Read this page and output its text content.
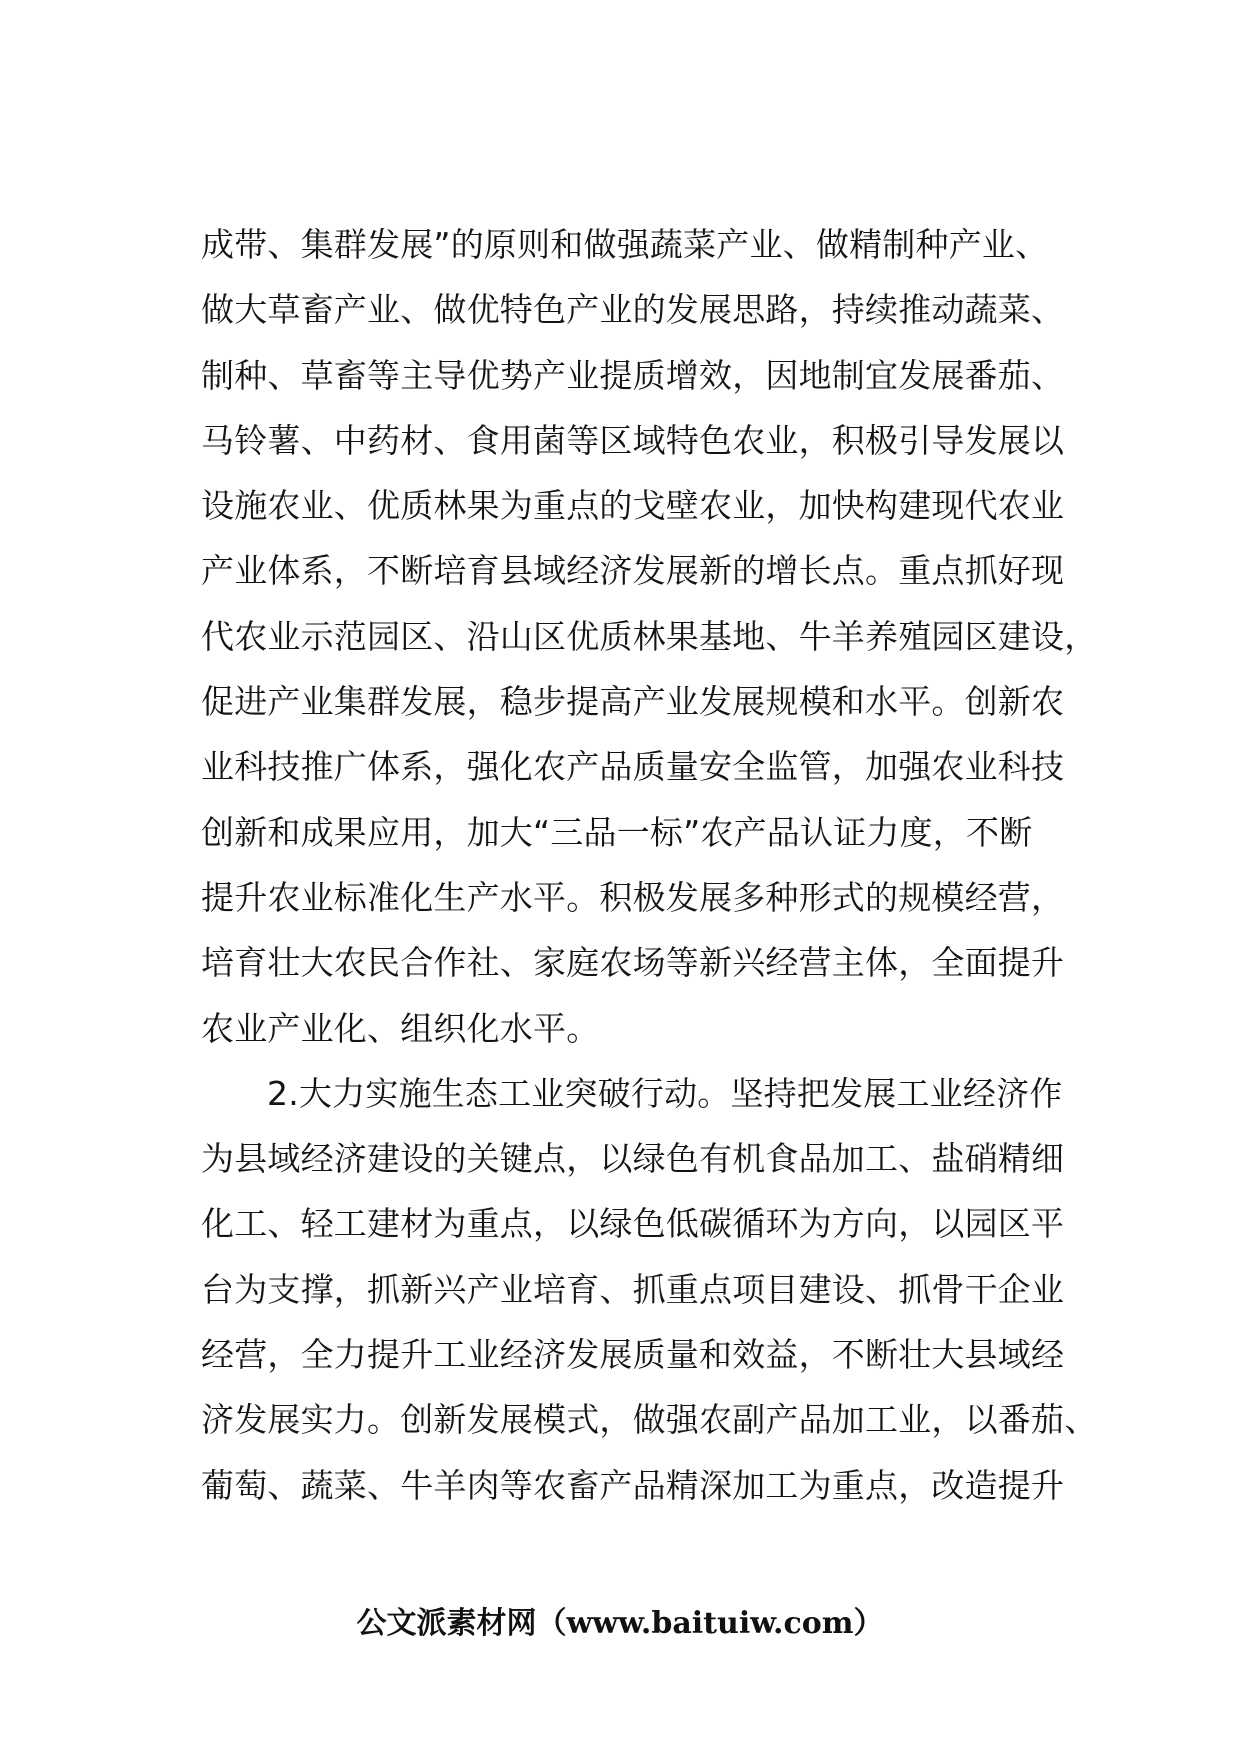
成带、集群发展”的原则和做强蔬菜产业、做精制种产业、
做大草畜产业、做优特色产业的发展思路，持续推动蔬菜、
制种、草畜等主导优势产业提质增效，因地制宜发展番茄、
马铃薯、中药材、食用菌等区域特色农业，积极引导发展以
设施农业、优质林果为重点的戈壁农业，加快构建现代农业
产业体系，不断培育县域经济发展新的增长点。重点抓好现
代农业示范园区、沿山区优质林果基地、牛羊养殖园区建设，
促进产业集群发展，稳步提高产业发展规模和水平。创新农
业科技推广体系，强化农产品质量安全监管，加强农业科技
创新和成果应用，加大“三品一标”农产品认证力度，不断
提升农业标准化生产水平。积极发展多种形式的规模经营，
培育壮大农民合作社、家庭农场等新兴经营主体，全面提升
农业产业化、组织化水平。
2.大力实施生态工业突破行动。坚持把发展工业经济作
为县域经济建设的关键点，以绿色有机食品加工、盐硝精细
化工、轻工建材为重点，以绿色低碳循环为方向，以园区平
台为支撑，抓新兴产业培育、抓重点项目建设、抓骨干企业
经营，全力提升工业经济发展质量和效益，不断壮大县域经
济发展实力。创新发展模式，做强农副产品加工业，以番茄、
葡萄、蔬菜、牛羊肉等农畜产品精深加工为重点，改造提升
公文派素材网（www.baituiw.com）
